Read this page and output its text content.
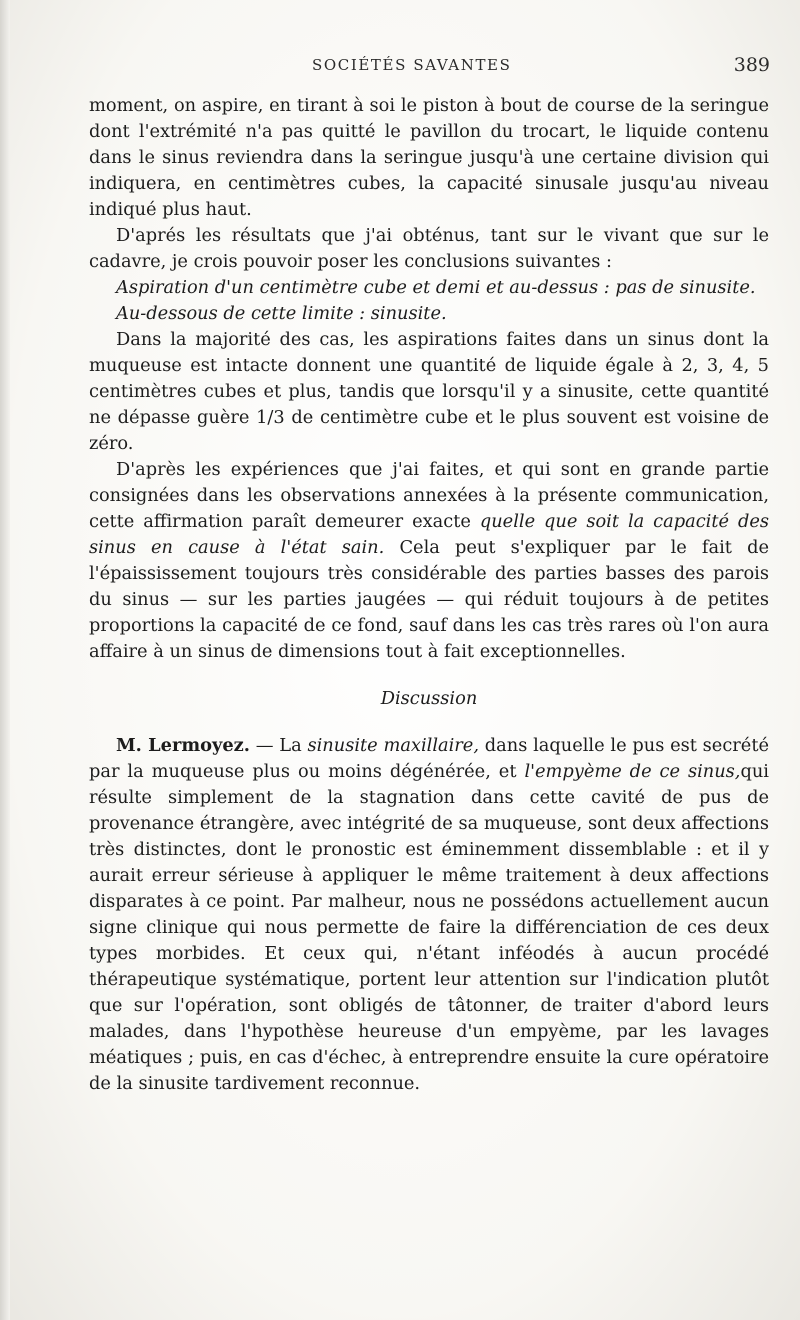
SOCIÉTÉS SAVANTES	389

moment, on aspire, en tirant à soi le piston à bout de course de la seringue dont l'extrémité n'a pas quitté le pavillon du trocart, le liquide contenu dans le sinus reviendra dans la seringue jusqu'à une certaine division qui indiquera, en centimètres cubes, la capacité sinusale jusqu'au niveau indiqué plus haut.

D'aprés les résultats que j'ai obténus, tant sur le vivant que sur le cadavre, je crois pouvoir poser les conclusions suivantes :

Aspiration d'un centimètre cube et demi et au-dessus : pas de sinusite.

Au-dessous de cette limite : sinusite.

Dans la majorité des cas, les aspirations faites dans un sinus dont la muqueuse est intacte donnent une quantité de liquide égale à 2, 3, 4, 5 centimètres cubes et plus, tandis que lorsqu'il y a sinusite, cette quantité ne dépasse guère 1/3 de centimètre cube et le plus souvent est voisine de zéro.

D'après les expériences que j'ai faites, et qui sont en grande partie consignées dans les observations annexées à la présente communication, cette affirmation paraît demeurer exacte quelle que soit la capacité des sinus en cause à l'état sain. Cela peut s'expliquer par le fait de l'épaississement toujours très considérable des parties basses des parois du sinus — sur les parties jaugées — qui réduit toujours à de petites proportions la capacité de ce fond, sauf dans les cas très rares où l'on aura affaire à un sinus de dimensions tout à fait exceptionnelles.

Discussion

M. Lermoyez. — La sinusite maxillaire, dans laquelle le pus est secrété par la muqueuse plus ou moins dégénérée, et l'empyème de ce sinus,qui résulte simplement de la stagnation dans cette cavité de pus de provenance étrangère, avec intégrité de sa muqueuse, sont deux affections très distinctes, dont le pronostic est éminemment dissemblable : et il y aurait erreur sérieuse à appliquer le même traitement à deux affections disparates à ce point. Par malheur, nous ne possédons actuellement aucun signe clinique qui nous permette de faire la différenciation de ces deux types morbides. Et ceux qui, n'étant inféodés à aucun procédé thérapeutique systématique, portent leur attention sur l'indication plutôt que sur l'opération, sont obligés de tâtonner, de traiter d'abord leurs malades, dans l'hypothèse heureuse d'un empyème, par les lavages méatiques ; puis, en cas d'échec, à entreprendre ensuite la cure opératoire de la sinusite tardivement reconnue.
